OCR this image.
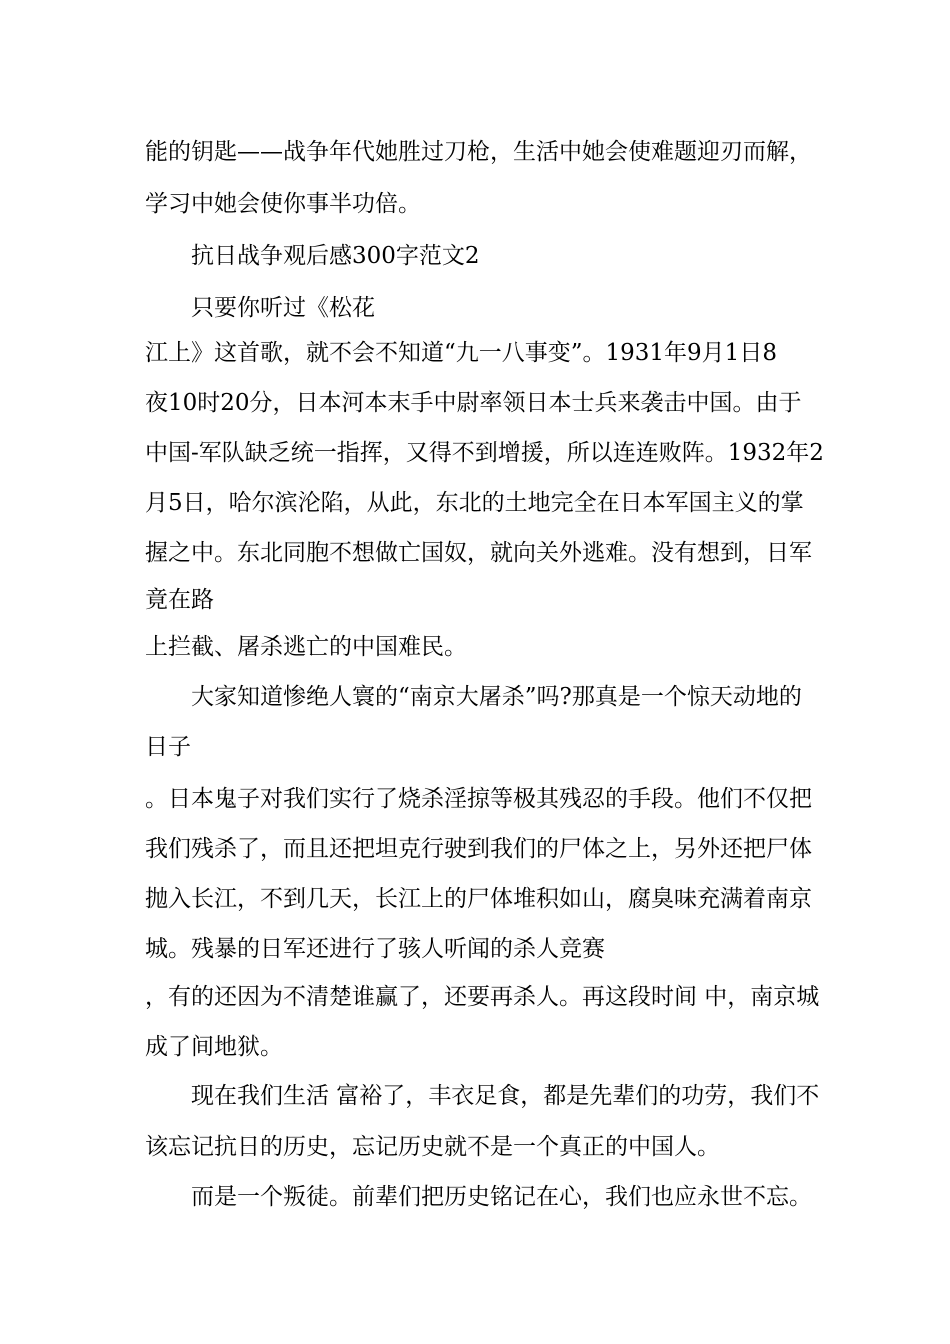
能的钥匙——战争年代她胜过刀枪，生活中她会使难题迎刃而解，
学习中她会使你事半功倍。
抗日战争观后感300字范文2
只要你听过《松花
江上》这首歌，就不会不知道“九一八事变”。1931年9月1日8
夜10时20分，日本河本末手中尉率领日本士兵来袭击中国。由于
中国-军队缺乏统一指挥，又得不到增援，所以连连败阵。1932年2
月5日，哈尔滨沦陷，从此，东北的土地完全在日本军国主义的掌
握之中。东北同胞不想做亡国奴，就向关外逃难。没有想到，日军
竟在路
上拦截、屠杀逃亡的中国难民。
大家知道惨绝人寰的“南京大屠杀”吗?那真是一个惊天动地的
日子
。日本鬼子对我们实行了烧杀淫掠等极其残忍的手段。他们不仅把
我们残杀了，而且还把坦克行驶到我们的尸体之上，另外还把尸体
抛入长江，不到几天，长江上的尸体堆积如山，腐臭味充满着南京
城。残暴的日军还进行了骇人听闻的杀人竞赛
，有的还因为不清楚谁赢了，还要再杀人。再这段时间 中，南京城
成了间地狱。
现在我们生活 富裕了，丰衣足食，都是先辈们的功劳，我们不
该忘记抗日的历史，忘记历史就不是一个真正的中国人。
而是一个叛徒。前辈们把历史铭记在心，我们也应永世不忘。
